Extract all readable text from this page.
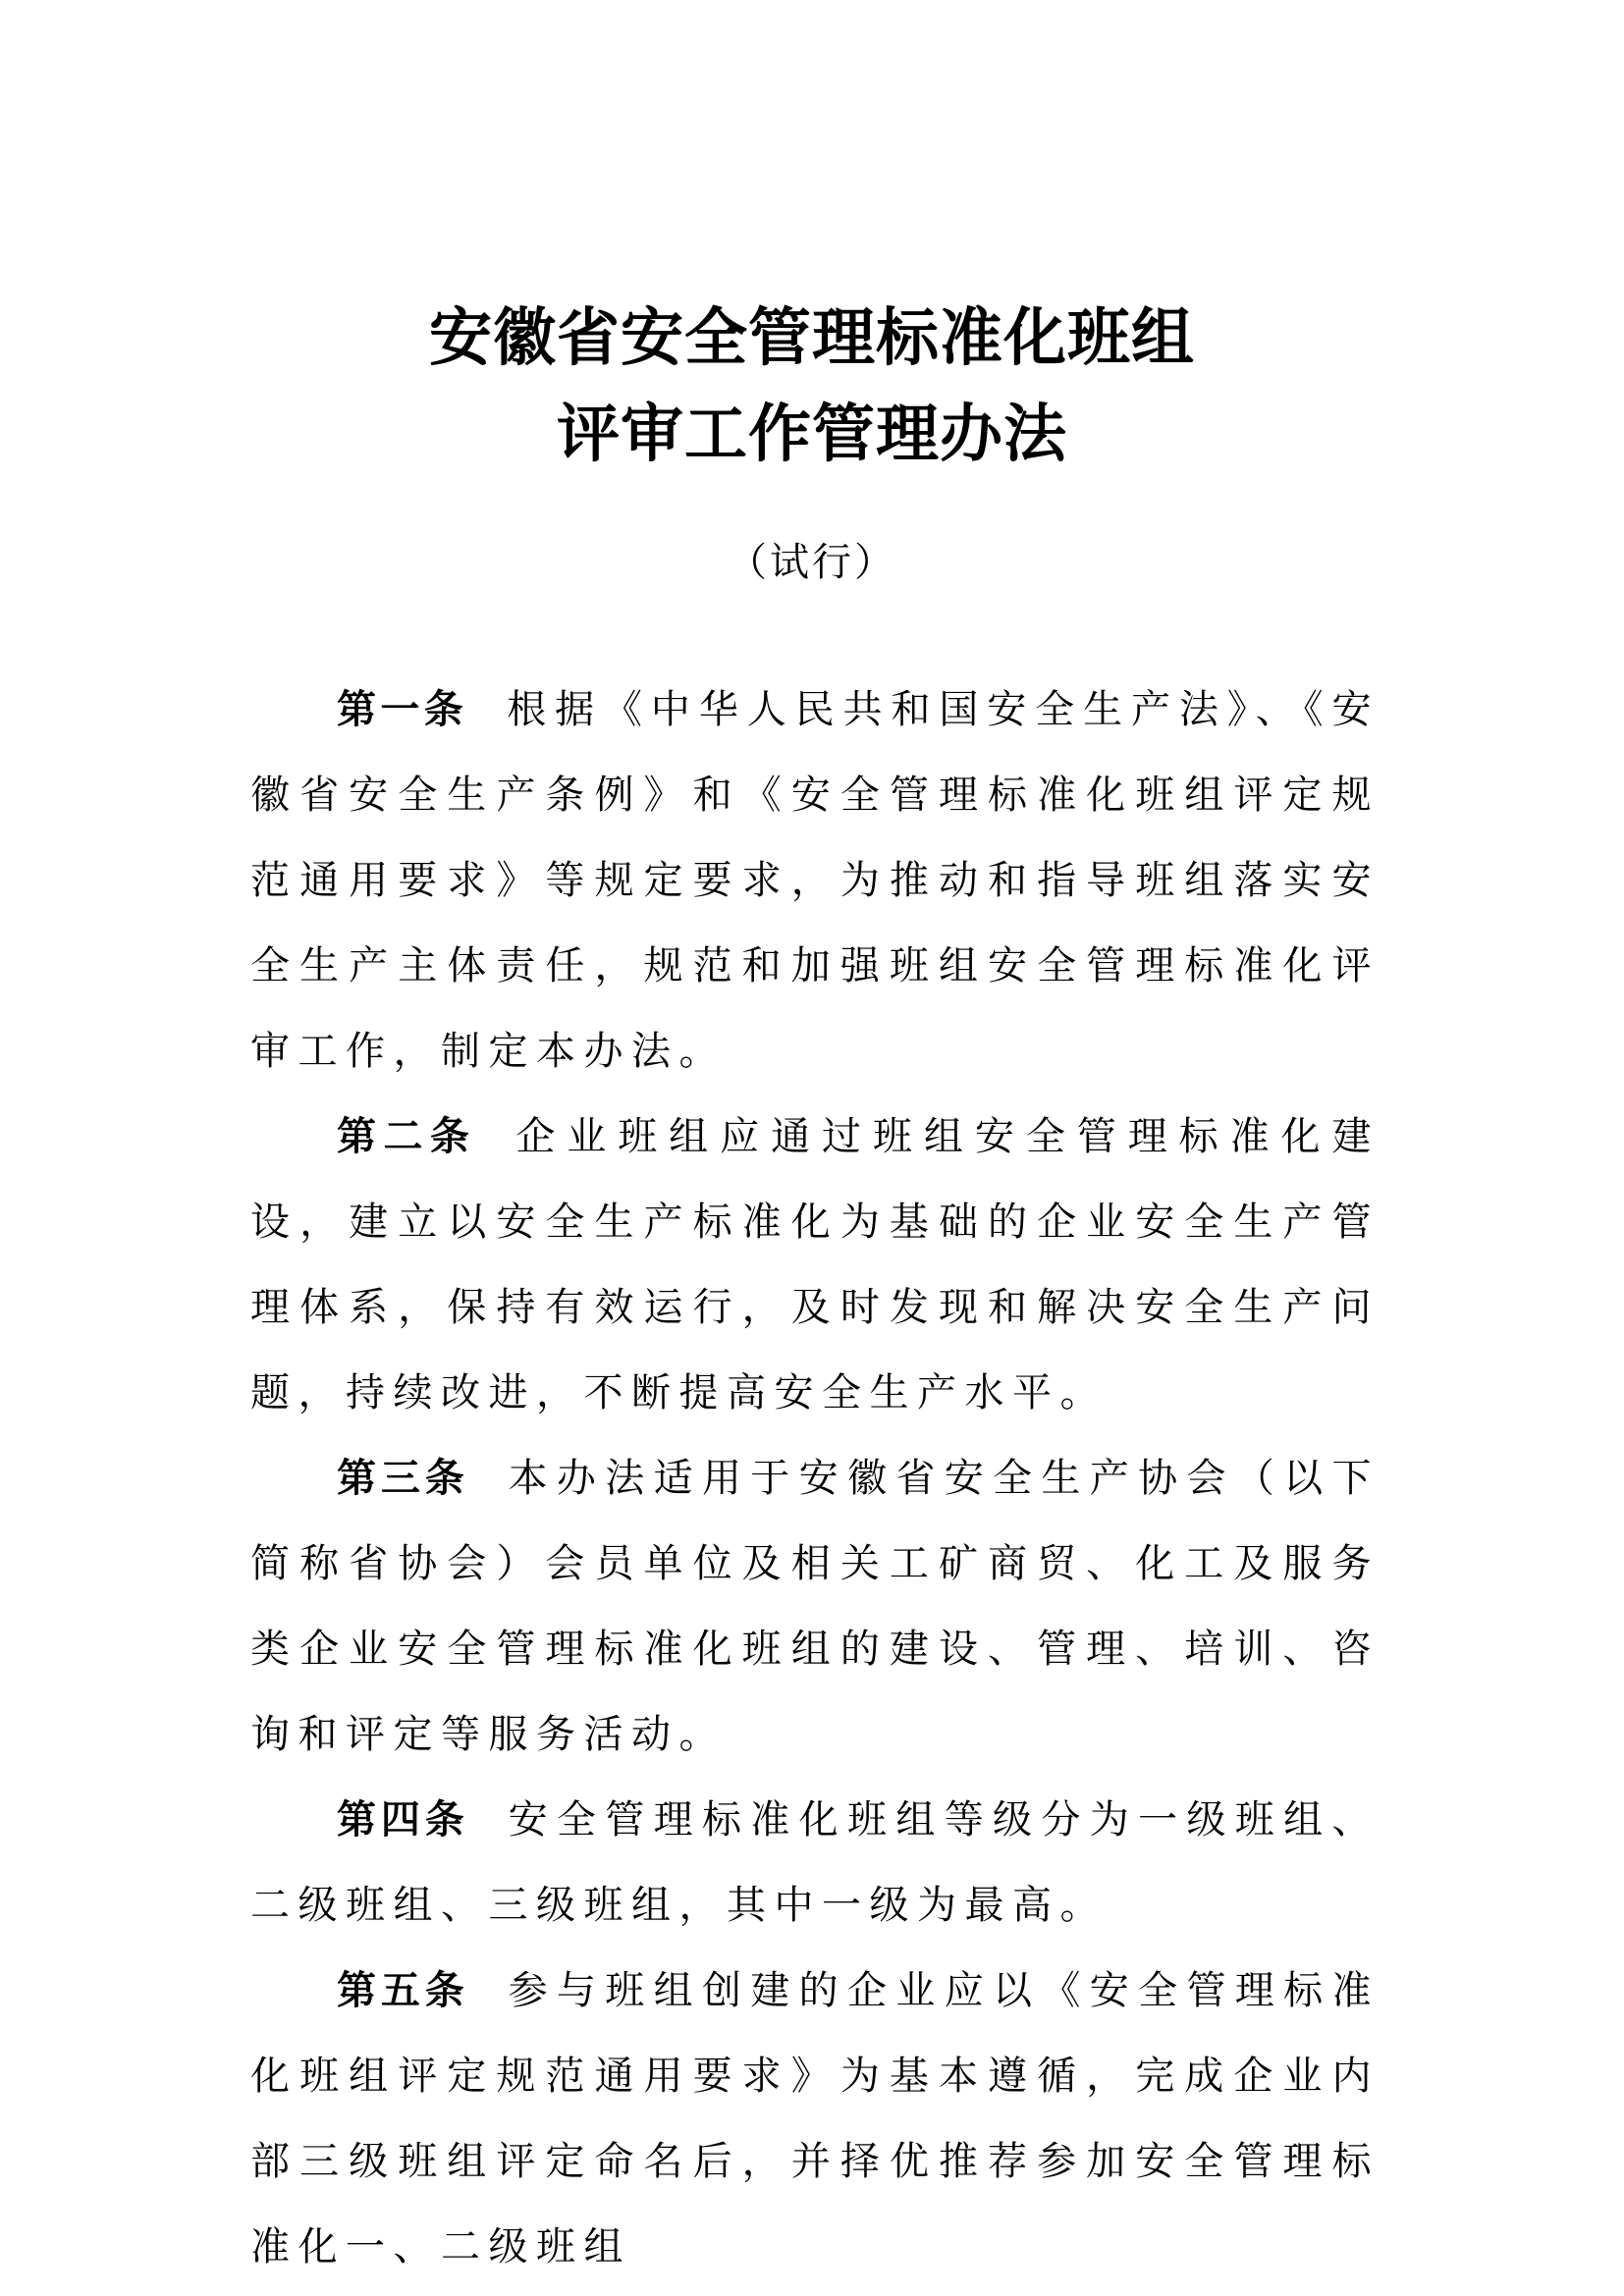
安徽省安全管理标准化班组
评审工作管理办法

（试行）

第一条 根据《中华人民共和国安全生产法》、《安徽省安全生产条例》和《安全管理标准化班组评定规范通用要求》等规定要求，为推动和指导班组落实安全生产主体责任，规范和加强班组安全管理标准化评审工作，制定本办法。

第二条 企业班组应通过班组安全管理标准化建设，建立以安全生产标准化为基础的企业安全生产管理体系，保持有效运行，及时发现和解决安全生产问题，持续改进，不断提高安全生产水平。

第三条 本办法适用于安徽省安全生产协会（以下简称省协会）会员单位及相关工矿商贸、化工及服务类企业安全管理标准化班组的建设、管理、培训、咨询和评定等服务活动。

第四条 安全管理标准化班组等级分为一级班组、二级班组、三级班组，其中一级为最高。

第五条 参与班组创建的企业应以《安全管理标准化班组评定规范通用要求》为基本遵循，完成企业内部三级班组评定命名后，并择优推荐参加安全管理标准化一、二级班组
